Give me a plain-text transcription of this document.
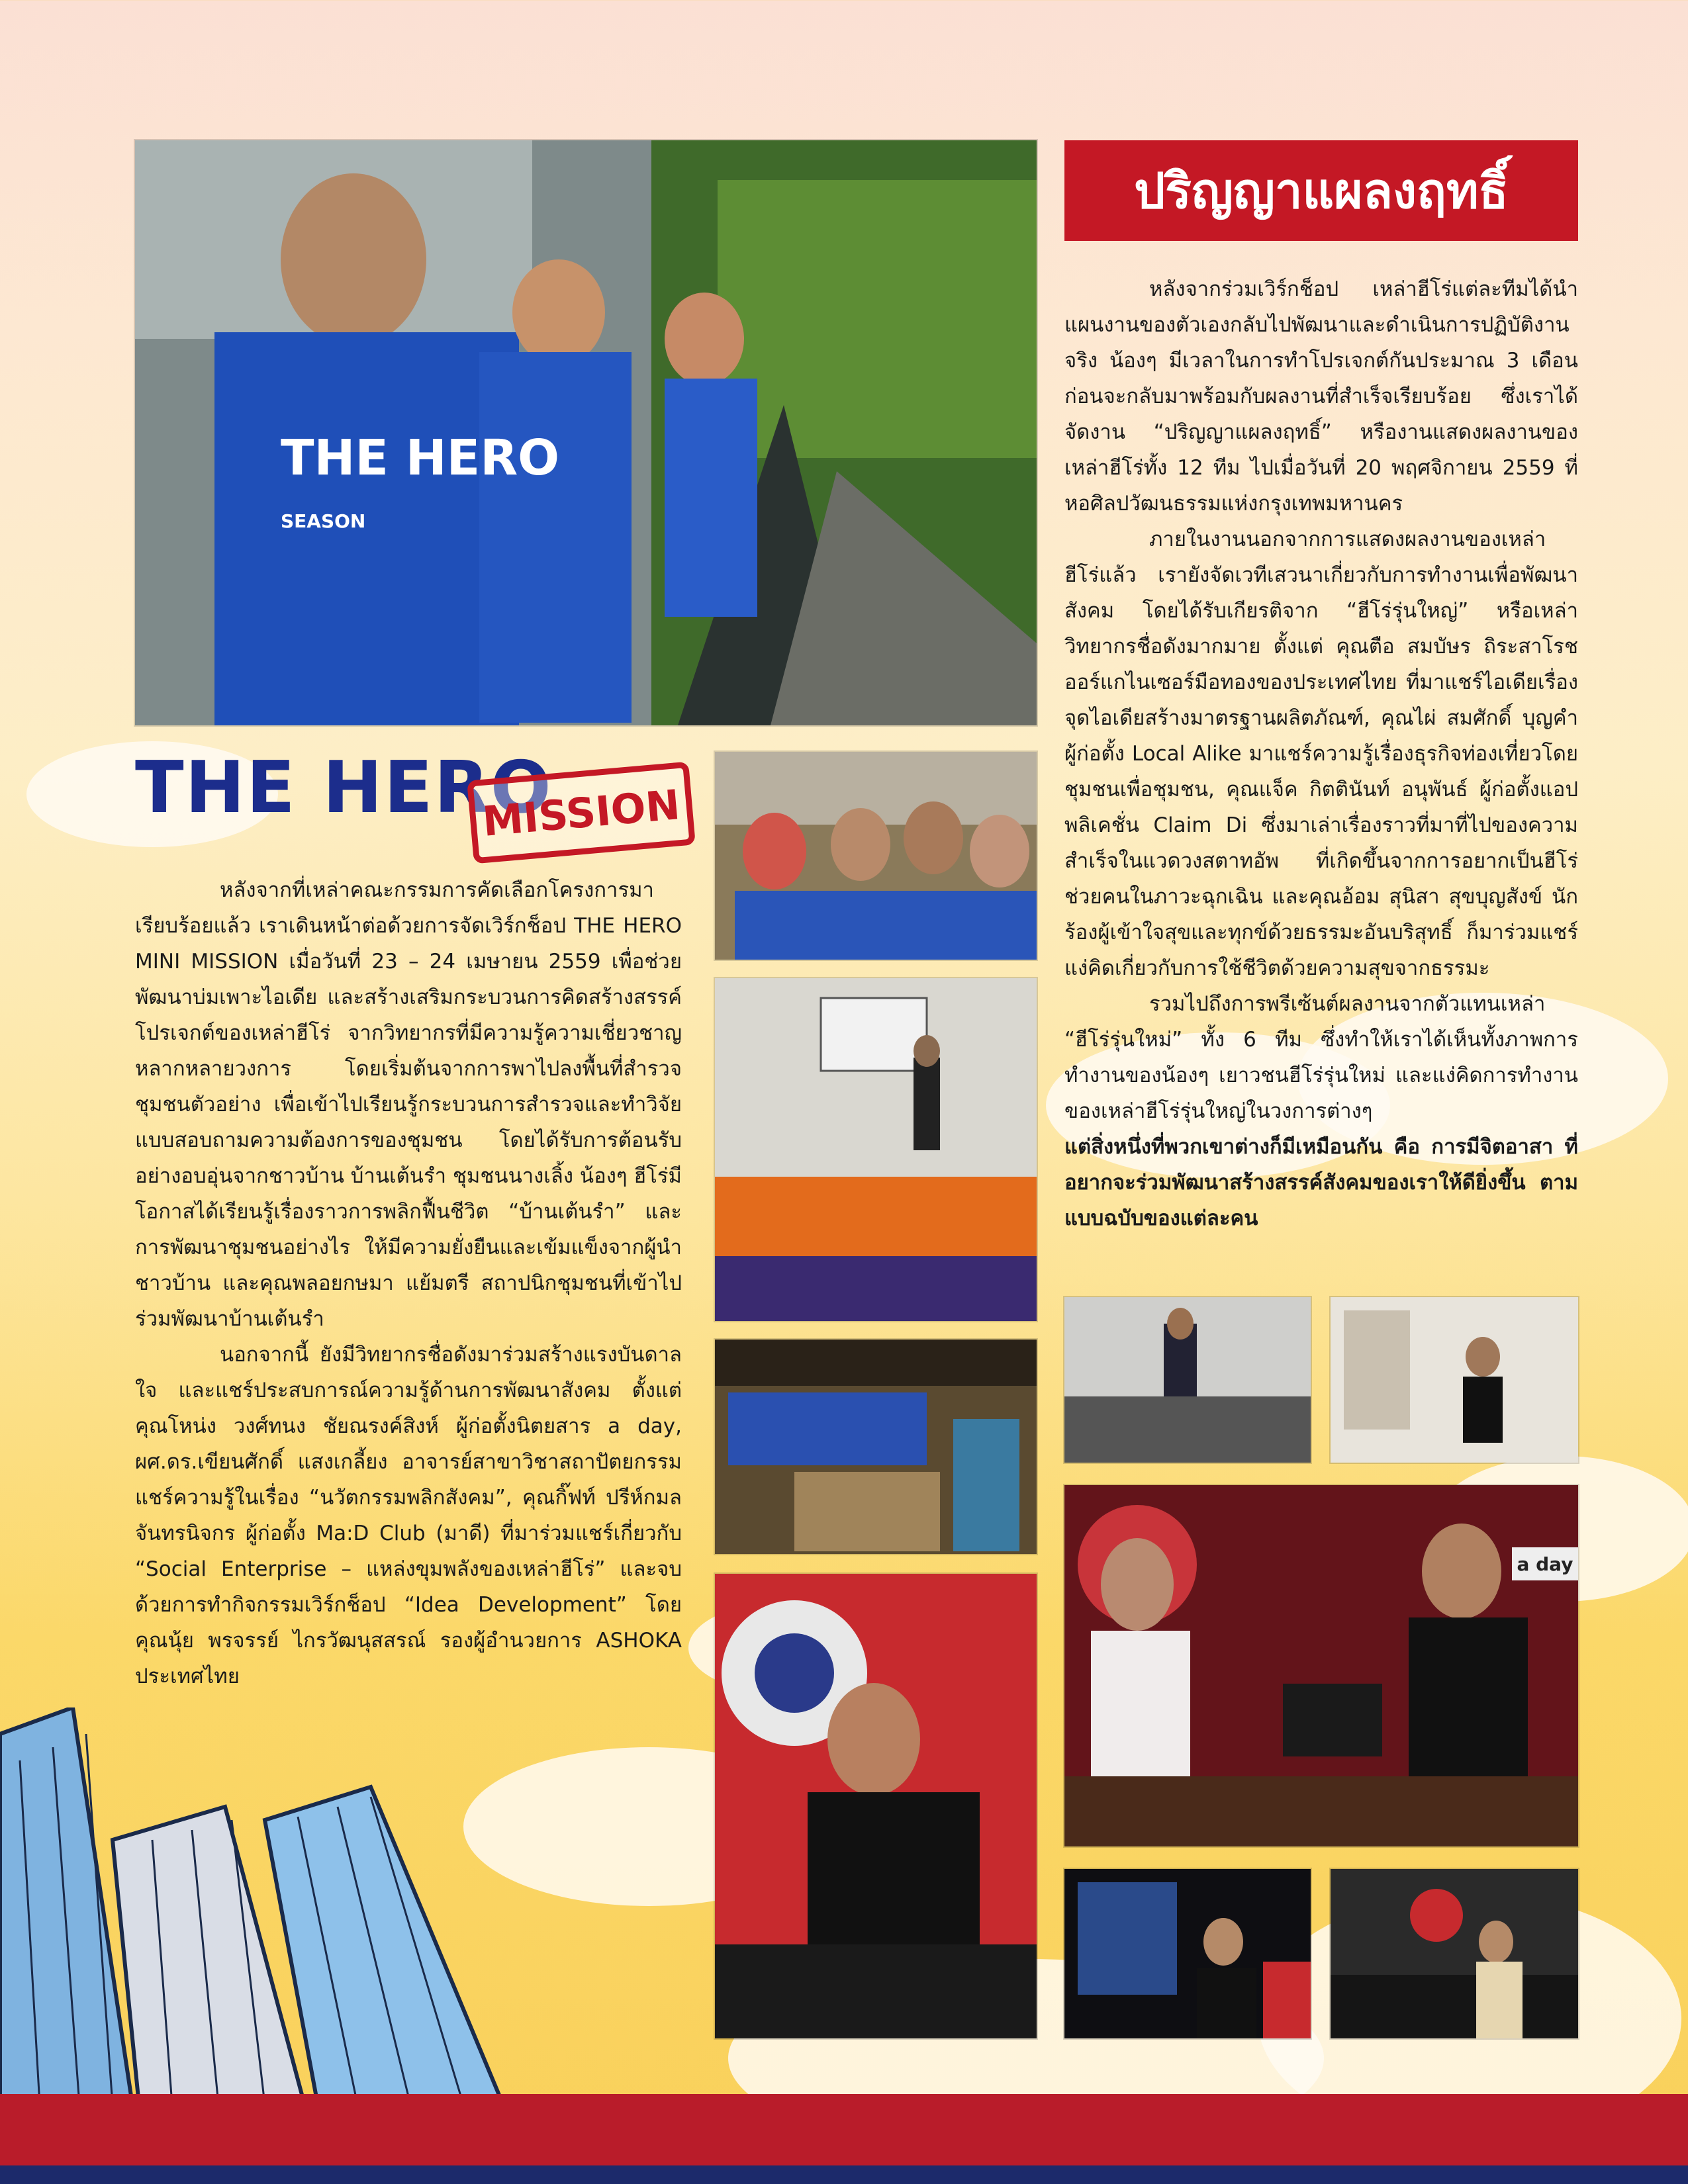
THE HERO
SEASON
ปริญญาแผลงฤทธิ์

หลังจากร่วมเวิร์กช็อป เหล่าฮีโร่แต่ละทีมได้นำแผนงานของตัวเองกลับไปพัฒนาและดำเนินการปฏิบัติงานจริง น้องๆ มีเวลาในการทำโปรเจกต์กันประมาณ 3 เดือน ก่อนจะกลับมาพร้อมกับผลงานที่สำเร็จเรียบร้อย ซึ่งเราได้จัดงาน “ปริญญาแผลงฤทธิ์” หรืองานแสดงผลงานของเหล่าฮีโร่ทั้ง 12 ทีม ไปเมื่อวันที่ 20 พฤศจิกายน 2559 ที่หอศิลปวัฒนธรรมแห่งกรุงเทพมหานคร

ภายในงานนอกจากการแสดงผลงานของเหล่าฮีโร่แล้ว เรายังจัดเวทีเสวนาเกี่ยวกับการทำงานเพื่อพัฒนาสังคม โดยได้รับเกียรติจาก “ฮีโร่รุ่นใหญ่” หรือเหล่าวิทยากรชื่อดังมากมาย ตั้งแต่ คุณตือ สมบัษร ถิระสาโรช ออร์แกไนเซอร์มือทองของประเทศไทย ที่มาแชร์ไอเดียเรื่องจุดไอเดียสร้างมาตรฐานผลิตภัณฑ์, คุณไผ่ สมศักดิ์ บุญคำ ผู้ก่อตั้ง Local Alike มาแชร์ความรู้เรื่องธุรกิจท่องเที่ยวโดยชุมชนเพื่อชุมชน, คุณแจ็ค กิตตินันท์ อนุพันธ์ ผู้ก่อตั้งแอปพลิเคชั่น Claim Di ซึ่งมาเล่าเรื่องราวที่มาที่ไปของความสำเร็จในแวดวงสตาทอัพ ที่เกิดขึ้นจากการอยากเป็นฮีโร่ช่วยคนในภาวะฉุกเฉิน และคุณอ้อม สุนิสา สุขบุญสังข์ นักร้องผู้เข้าใจสุขและทุกข์ด้วยธรรมะอันบริสุทธิ์ ก็มาร่วมแชร์แง่คิดเกี่ยวกับการใช้ชีวิตด้วยความสุขจากธรรมะ

รวมไปถึงการพรีเซ้นต์ผลงานจากตัวแทนเหล่า “ฮีโร่รุ่นใหม่” ทั้ง 6 ทีม ซึ่งทำให้เราได้เห็นทั้งภาพการทำงานของน้องๆ เยาวชนฮีโร่รุ่นใหม่ และแง่คิดการทำงานของเหล่าฮีโร่รุ่นใหญ่ในวงการต่างๆ

แต่สิ่งหนึ่งที่พวกเขาต่างก็มีเหมือนกัน คือ การมีจิตอาสา ที่อยากจะร่วมพัฒนาสร้างสรรค์สังคมของเราให้ดียิ่งขึ้น ตามแบบฉบับของแต่ละคน

THE HERO
MISSION

หลังจากที่เหล่าคณะกรรมการคัดเลือกโครงการมาเรียบร้อยแล้ว เราเดินหน้าต่อด้วยการจัดเวิร์กช็อป THE HERO MINI MISSION เมื่อวันที่ 23 – 24 เมษายน 2559 เพื่อช่วยพัฒนาบ่มเพาะไอเดีย และสร้างเสริมกระบวนการคิดสร้างสรรค์โปรเจกต์ของเหล่าฮีโร่ จากวิทยากรที่มีความรู้ความเชี่ยวชาญหลากหลายวงการ โดยเริ่มต้นจากการพาไปลงพื้นที่สำรวจชุมชนตัวอย่าง เพื่อเข้าไปเรียนรู้กระบวนการสำรวจและทำวิจัยแบบสอบถามความต้องการของชุมชน โดยได้รับการต้อนรับอย่างอบอุ่นจากชาวบ้าน บ้านเต้นรำ ชุมชนนางเลิ้ง น้องๆ ฮีโร่มีโอกาสได้เรียนรู้เรื่องราวการพลิกฟื้นชีวิต “บ้านเต้นรำ” และการพัฒนาชุมชนอย่างไร ให้มีความยั่งยืนและเข้มแข็งจากผู้นำชาวบ้าน และคุณพลอยกษมา แย้มตรี สถาปนิกชุมชนที่เข้าไปร่วมพัฒนาบ้านเต้นรำ

นอกจากนี้ ยังมีวิทยากรชื่อดังมาร่วมสร้างแรงบันดาลใจ และแชร์ประสบการณ์ความรู้ด้านการพัฒนาสังคม ตั้งแต่ คุณโหน่ง วงศ์ทนง ชัยณรงค์สิงห์ ผู้ก่อตั้งนิตยสาร a day, ผศ.ดร.เขียนศักดิ์ แสงเกลี้ยง อาจารย์สาขาวิชาสถาปัตยกรรม แชร์ความรู้ในเรื่อง “นวัตกรรมพลิกสังคม”, คุณกิ๊ฟท์ ปรีห์กมล จันทรนิจกร ผู้ก่อตั้ง Ma:D Club (มาดี) ที่มาร่วมแชร์เกี่ยวกับ “Social Enterprise – แหล่งขุมพลังของเหล่าฮีโร่” และจบด้วยการทำกิจกรรมเวิร์กช็อป “Idea Development” โดย คุณนุ้ย พรจรรย์ ไกรวัฒนุสสรณ์ รองผู้อำนวยการ ASHOKA ประเทศไทย

a day
